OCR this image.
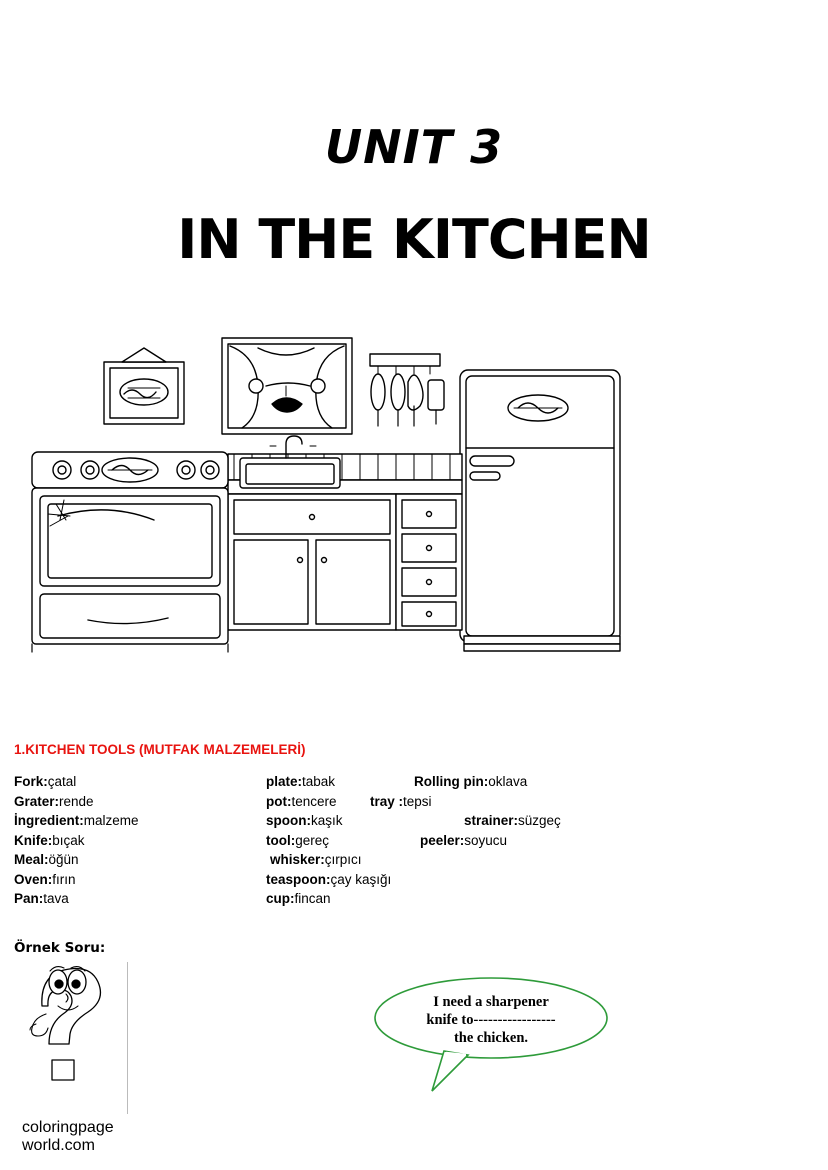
UNIT 3
IN THE KITCHEN
1.KITCHEN TOOLS (MUTFAK MALZEMELERİ)
Fork:çatal	plate:tabak	Rolling pin:oklava
Grater:rende	pot:tencere tray :tepsi
İngredient:malzeme	spoon:kaşık	strainer:süzgeç
Knife:bıçak	tool:gereç	peeler:soyucu
Meal:öğün	whisker:çırpıcı
Oven:fırın	teaspoon:çay kaşığı
Pan:tava	cup:fincan
Örnek Soru:
coloringpage world.com
I need a sharpener
knife to-----------------
the chicken.
